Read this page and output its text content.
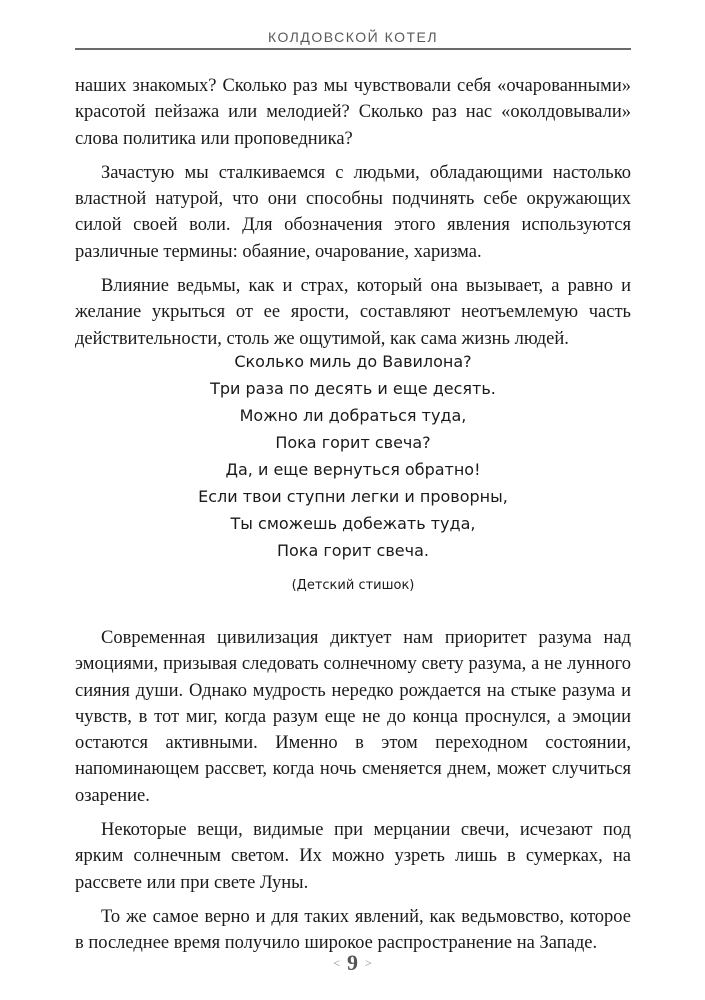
КОЛДОВСКОЙ КОТЕЛ

наших знакомых? Сколько раз мы чувствовали себя «очарованными» красотой пейзажа или мелодией? Сколько раз нас «околдовывали» слова политика или проповедника?

Зачастую мы сталкиваемся с людьми, обладающими настолько властной натурой, что они способны подчинять себе окружающих силой своей воли. Для обозначения этого явления используются различные термины: обаяние, очарование, харизма.

Влияние ведьмы, как и страх, который она вызывает, а равно и желание укрыться от ее ярости, составляют неотъемлемую часть действительности, столь же ощутимой, как сама жизнь людей.

Сколько миль до Вавилона?
Три раза по десять и еще десять.
Можно ли добраться туда,
Пока горит свеча?
Да, и еще вернуться обратно!
Если твои ступни легки и проворны,
Ты сможешь добежать туда,
Пока горит свеча.
(Детский стишок)

Современная цивилизация диктует нам приоритет разума над эмоциями, призывая следовать солнечному свету разума, а не лунного сияния души. Однако мудрость нередко рождается на стыке разума и чувств, в тот миг, когда разум еще не до конца проснулся, а эмоции остаются активными. Именно в этом переходном состоянии, напоминающем рассвет, когда ночь сменяется днем, может случиться озарение.

Некоторые вещи, видимые при мерцании свечи, исчезают под ярким солнечным светом. Их можно узреть лишь в сумерках, на рассвете или при свете Луны.

То же самое верно и для таких явлений, как ведьмовство, которое в последнее время получило широкое распространение на Западе.

< 9 >
